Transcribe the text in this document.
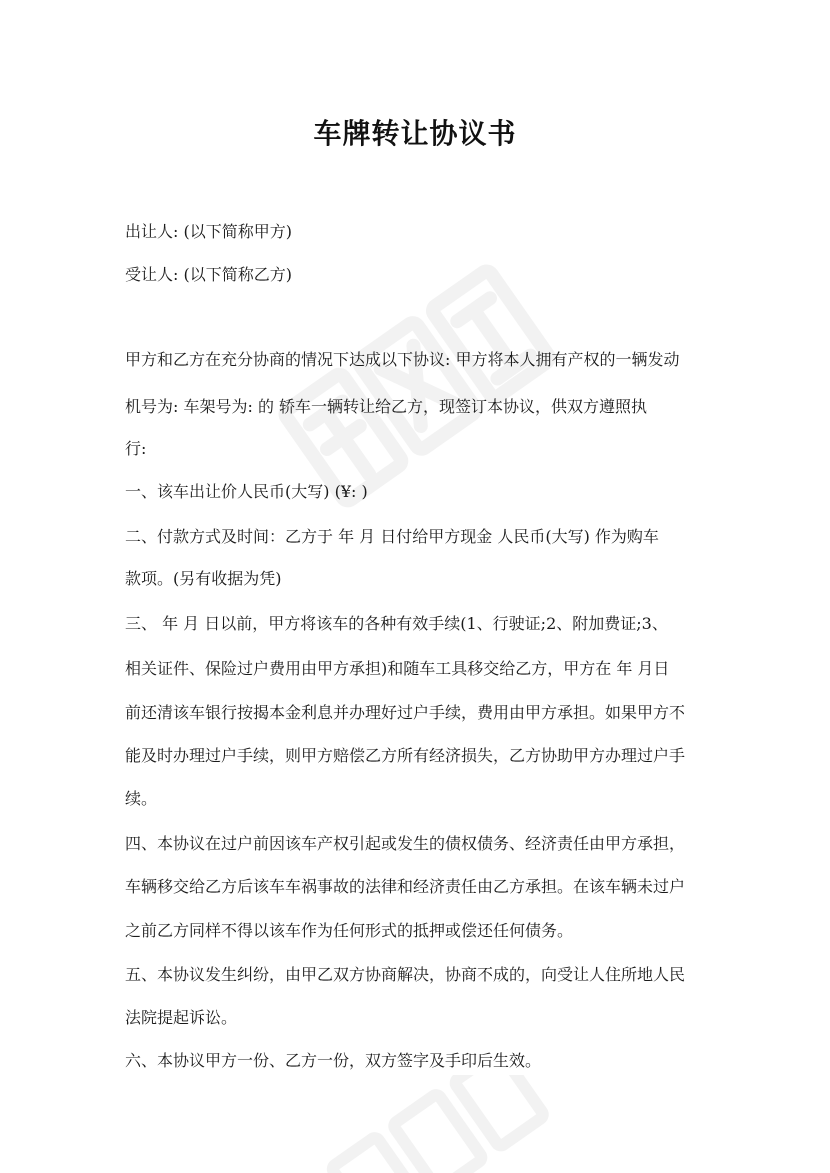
车牌转让协议书
出让人: (以下简称甲方)
受让人: (以下简称乙方)
甲方和乙方在充分协商的情况下达成以下协议: 甲方将本人拥有产权的一辆发动
机号为: 车架号为: 的 轿车一辆转让给乙方，现签订本协议，供双方遵照执
行:
一、该车出让价人民币(大写) (¥: )
二、付款方式及时间：乙方于 年 月 日付给甲方现金 人民币(大写) 作为购车
款项。(另有收据为凭)
三、 年 月 日以前，甲方将该车的各种有效手续(1、行驶证;2、附加费证;3、
相关证件、保险过户费用由甲方承担)和随车工具移交给乙方，甲方在 年 月日
前还清该车银行按揭本金利息并办理好过户手续，费用由甲方承担。如果甲方不
能及时办理过户手续，则甲方赔偿乙方所有经济损失，乙方协助甲方办理过户手
续。
四、本协议在过户前因该车产权引起或发生的债权债务、经济责任由甲方承担，
车辆移交给乙方后该车车祸事故的法律和经济责任由乙方承担。在该车辆未过户
之前乙方同样不得以该车作为任何形式的抵押或偿还任何债务。
五、本协议发生纠纷，由甲乙双方协商解决，协商不成的，向受让人住所地人民
法院提起诉讼。
六、本协议甲方一份、乙方一份，双方签字及手印后生效。
